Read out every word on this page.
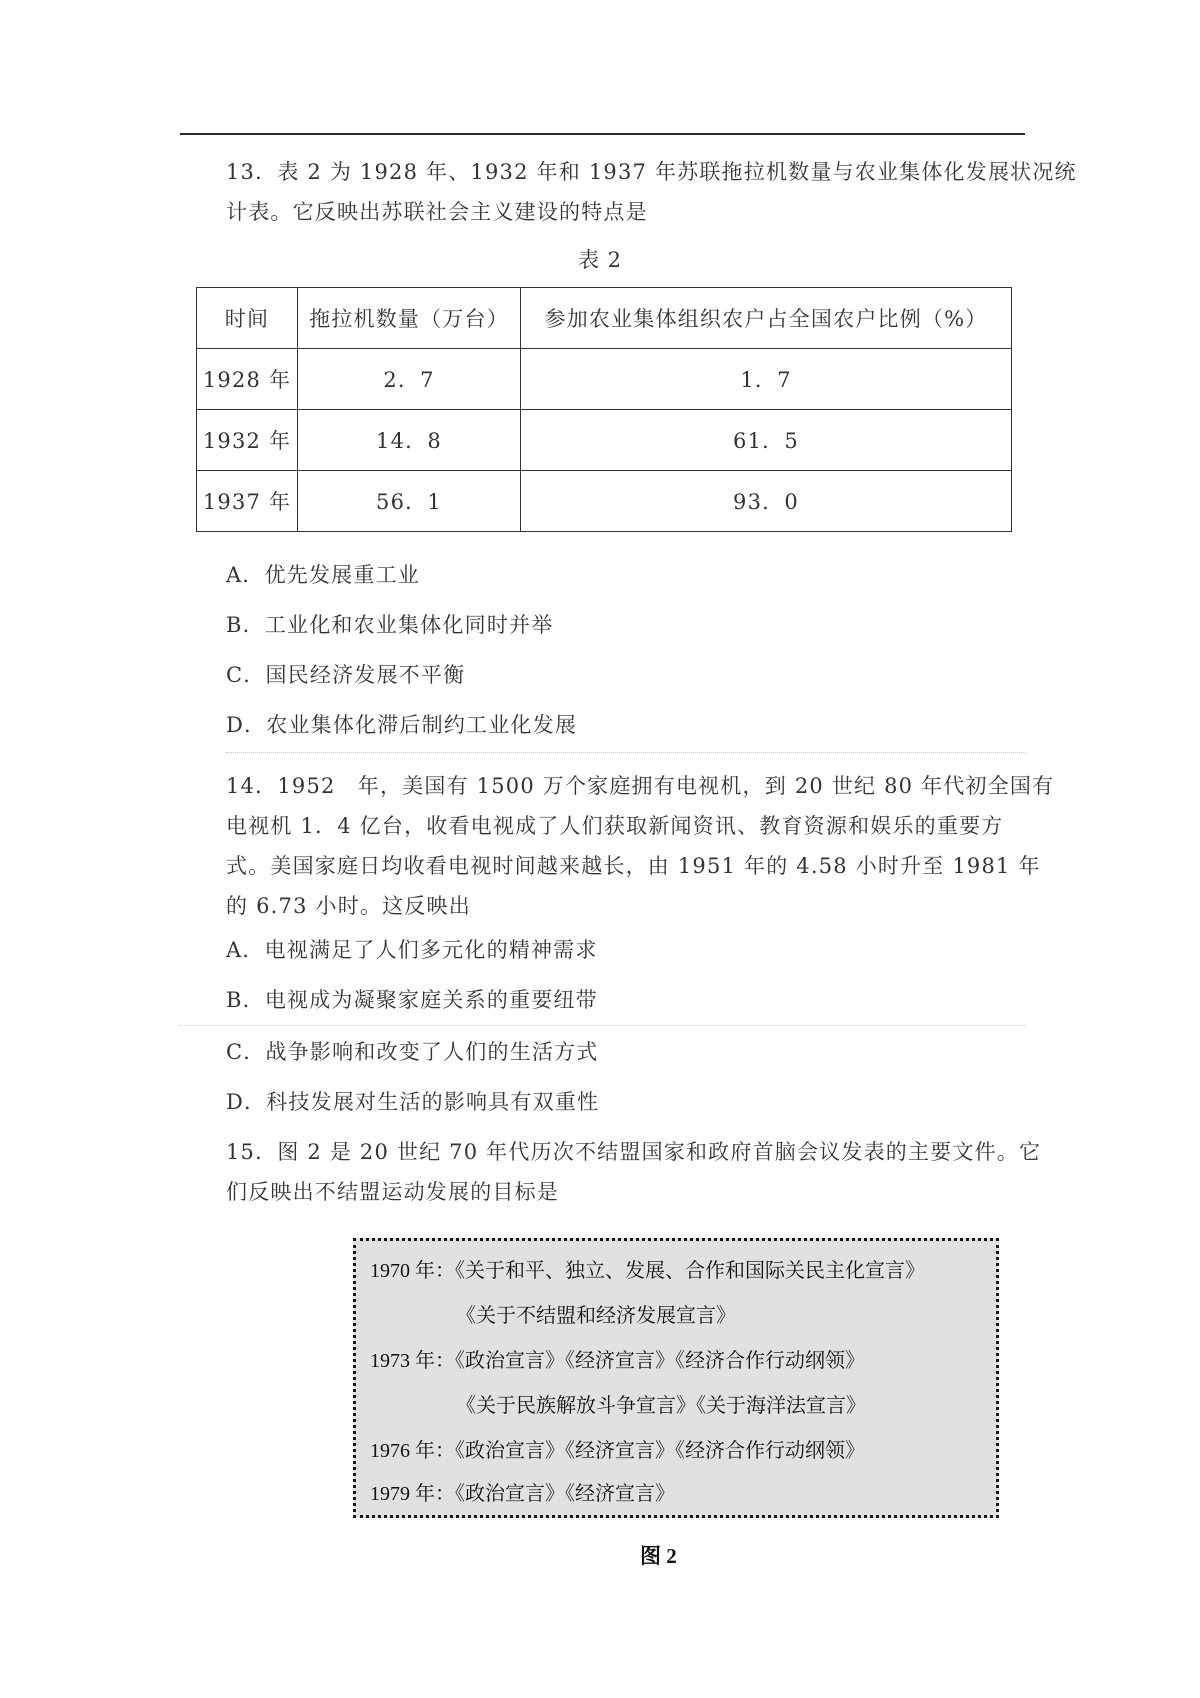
13．表 2 为 1928 年、1932 年和 1937 年苏联拖拉机数量与农业集体化发展状况统
计表。它反映出苏联社会主义建设的特点是
表 2
时间	拖拉机数量（万台）	参加农业集体组织农户占全国农户比例（%）
1928 年	2．7	1．7
1932 年	14．8	61．5
1937 年	56．1	93．0
A．优先发展重工业
B．工业化和农业集体化同时并举
C．国民经济发展不平衡
D．农业集体化滞后制约工业化发展
14．1952　年，美国有 1500 万个家庭拥有电视机，到 20 世纪 80 年代初全国有
电视机 1．4 亿台，收看电视成了人们获取新闻资讯、教育资源和娱乐的重要方
式。美国家庭日均收看电视时间越来越长，由 1951 年的 4.58 小时升至 1981 年
的 6.73 小时。这反映出
A．电视满足了人们多元化的精神需求
B．电视成为凝聚家庭关系的重要纽带
C．战争影响和改变了人们的生活方式
D．科技发展对生活的影响具有双重性
15．图 2 是 20 世纪 70 年代历次不结盟国家和政府首脑会议发表的主要文件。它
们反映出不结盟运动发展的目标是
1970 年：《关于和平、独立、发展、合作和国际关民主化宣言》
《关于不结盟和经济发展宣言》
1973 年：《政治宣言》《经济宣言》《经济合作行动纲领》
《关于民族解放斗争宣言》《关于海洋法宣言》
1976 年：《政治宣言》《经济宣言》《经济合作行动纲领》
1979 年：《政治宣言》《经济宣言》
图 2
